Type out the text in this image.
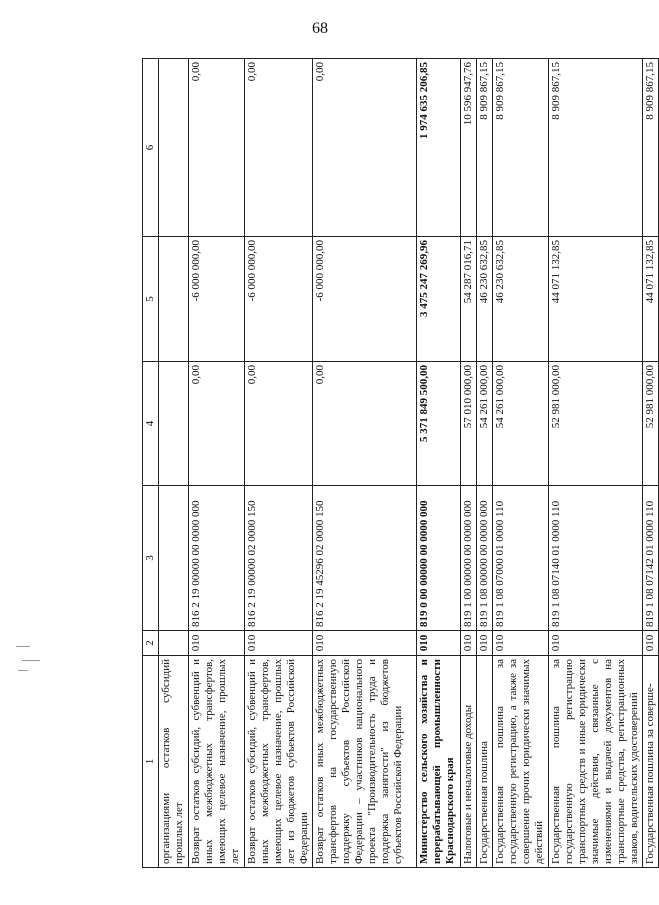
68
1	2	3	4	5	6
организациями остатков субсидий прошлых лет					
Возврат остатков субсидий, субвенций и иных межбюджетных трансфертов, имеющих целевое назначение, прошлых лет	010	816 2 19 00000 00 0000 000	0,00	-6 000 000,00	0,00
Возврат остатков субсидий, субвенций и иных межбюджетных трансфертов, имеющих целевое назначение, прошлых лет из бюджетов субъектов Российской Федерации	010	816 2 19 00000 02 0000 150	0,00	-6 000 000,00	0,00
Возврат остатков иных межбюджетных трансфертов на государственную поддержку субъектов Российской Федерации – участников национального проекта "Производительность труда и поддержка занятости" из бюджетов субъектов Российской Федерации	010	816 2 19 45296 02 0000 150	0,00	-6 000 000,00	0,00
Министерство сельского хозяйства и перерабатывающей промышленности Краснодарского края	010	819 0 00 00000 00 0000 000	5 371 849 500,00	3 475 247 269,96	1 974 635 206,85
Налоговые и неналоговые доходы	010	819 1 00 00000 00 0000 000	57 010 000,00	54 287 016,71	10 596 947,76
Государственная пошлина	010	819 1 08 00000 00 0000 000	54 261 000,00	46 230 632,85	8 909 867,15
Государственная пошлина за государственную регистрацию, а также за совершение прочих юридически значимых действий	010	819 1 08 07000 01 0000 110	54 261 000,00	46 230 632,85	8 909 867,15
Государственная пошлина за государственную регистрацию транспортных средств и иные юридически значимые действия, связанные с изменениями и выдачей документов на транспортные средства, регистрационных знаков, водительских удостоверений	010	819 1 08 07140 01 0000 110	52 981 000,00	44 071 132,85	8 909 867,15
Государственная пошлина за соверше-	010	819 1 08 07142 01 0000 110	52 981 000,00	44 071 132,85	8 909 867,15
